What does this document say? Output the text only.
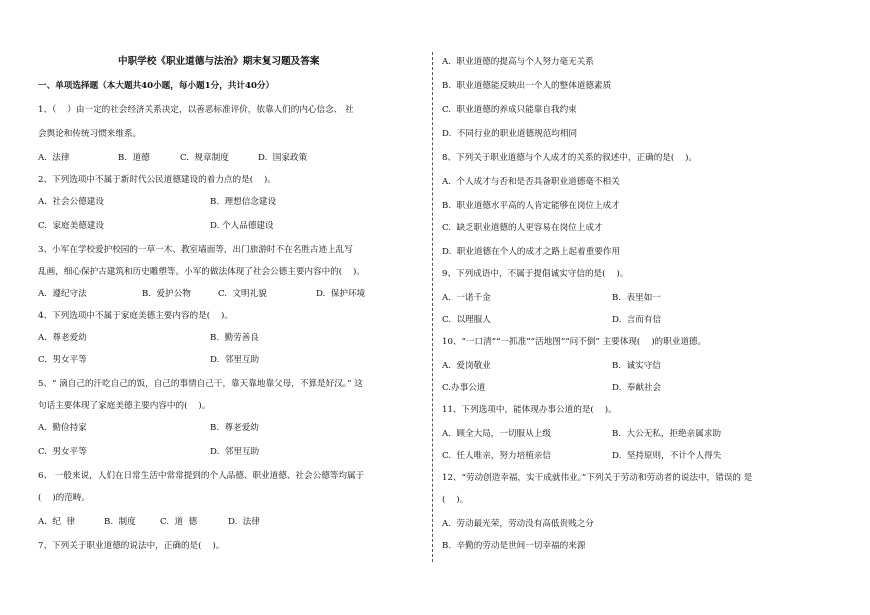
中职学校《职业道德与法治》期末复习题及答案
一、单项选择题（本大题共40小题，每小题1分，共计40分）
1、（    ）由一定的社会经济关系决定，以善恶标准评价，依靠人们的内心信念、 社
会舆论和传统习惯来维系。
A.  法律	B.  道德	C.  规章制度	D.  国家政策
2、下列选项中不属于新时代公民道德建设的着力点的是(    )。
A.  社会公德建设	B.  理想信念建设
C.  家庭美德建设	D. 个人品德建设
3、小军在学校爱护校园的一草一木、教室墙面等，出门旅游时不在名胜古迹上乱写
乱画，细心保护古建筑和历史雕塑等。小军的做法体现了社会公德主要内容中的(    )。
A.  遵纪守法	B.  爱护公物	C.  文明礼貌	D.  保护环境
4、下列选项中不属于家庭美德主要内容的是(    )。
A.  尊老爱幼	B.  勤劳善良
C.  男女平等	D.  邻里互助
5、“ 滴自己的汗吃自己的饭，自己的事情自己干，靠天靠地靠父母，不算是好汉。” 这
句话主要体现了家庭美德主要内容中的(    )。
A.  勤俭持家	B.  尊老爱幼
C.  男女平等	D.  邻里互助
6、 一般来说，人们在日常生活中常常提到的个人品德、职业道德、社会公德等均属于
(    )的范畴。
A.  纪  律	B.  制度	C.  道  德	D.  法律
7、下列关于职业道德的说法中，正确的是(    )。
A.  职业道德的提高与个人努力毫无关系
B.  职业道德能反映出一个人的整体道德素质
C.  职业道德的养成只能靠自我约束
D.  不同行业的职业道德规范均相同
8、下列关于职业道德与个人成才的关系的叙述中，正确的是(    )。
A.  个人成才与否和是否具备职业道德毫不相关
B.  职业道德水平高的人肯定能够在岗位上成才
C.  缺乏职业道德的人更容易在岗位上成才
D.  职业道德在个人的成才之路上起着重要作用
9、下列成语中，不属于提倡诚实守信的是(    )。
A.  一诺千金	B.  表里如一
C.  以理服人	D.  言而有信
10、“一口清”“一抓准”“活地图”“问不倒” 主要体现(    )的职业道德。
A.  爱岗敬业	B.  诚实守信
C.办事公道	D.  奉献社会
11、下列选项中，能体现办事公道的是(    )。
A.  顾全大局，一切服从上级	B.  大公无私，拒绝亲属求助
C.  任人唯亲，努力培植亲信	D.  坚持原则，不计个人得失
12、“劳动创造幸福，实干成就伟业。”下列关于劳动和劳动者的说法中，错误的 是
(    )。
A.  劳动最光荣，劳动没有高低贵贱之分
B.  辛勤的劳动是世间一切幸福的来源
